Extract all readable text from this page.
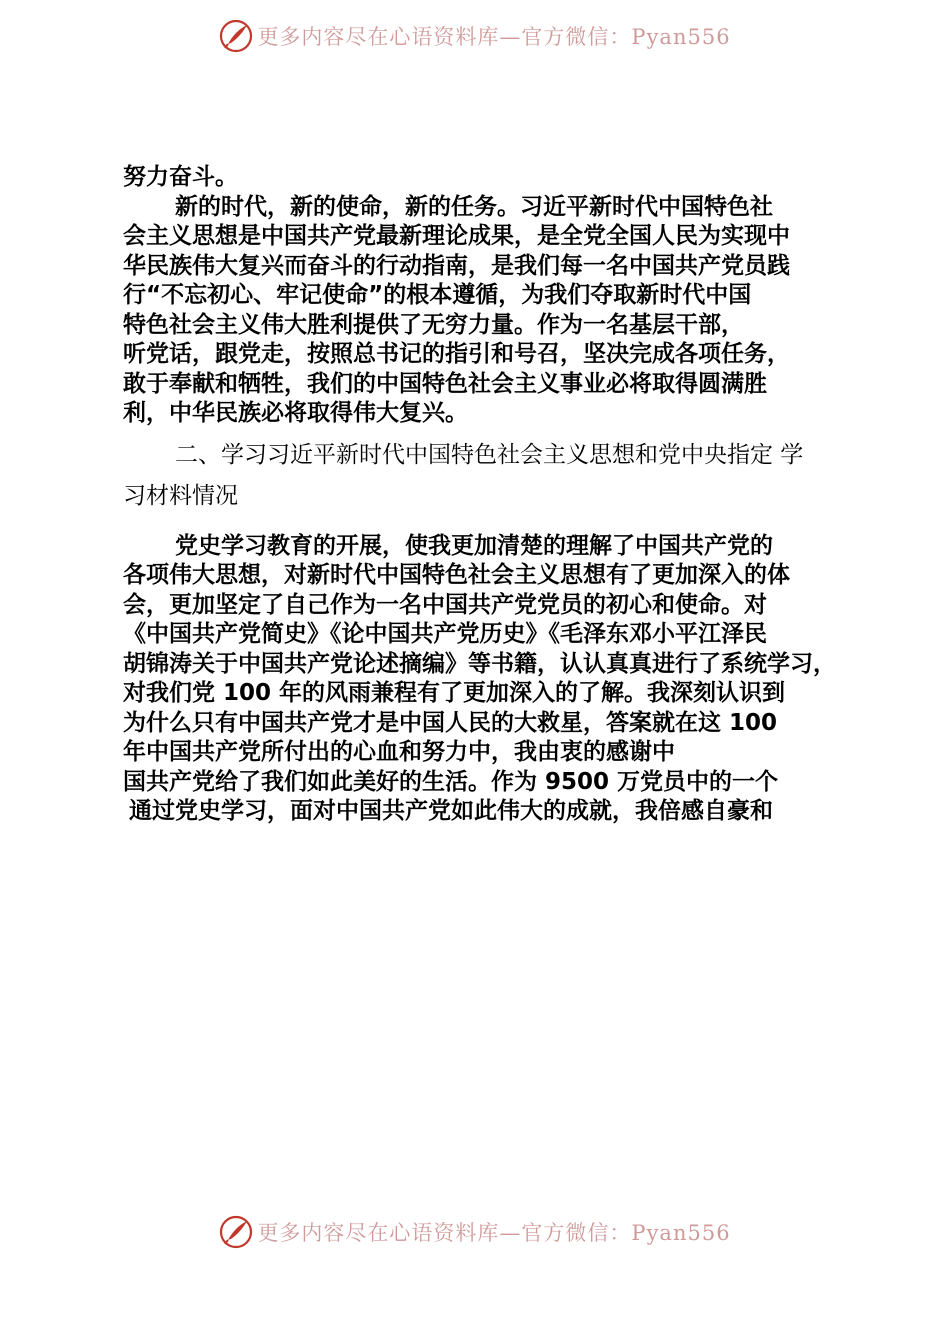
更多内容尽在心语资料库—官方微信：Pyan556

努力奋斗。

新的时代，新的使命，新的任务。习近平新时代中国特色社
会主义思想是中国共产党最新理论成果，是全党全国人民为实现中
华民族伟大复兴而奋斗的行动指南，是我们每一名中国共产党员践
行“不忘初心、牢记使命”的根本遵循，为我们夺取新时代中国
特色社会主义伟大胜利提供了无穷力量。作为一名基层干部，
听党话，跟党走，按照总书记的指引和号召，坚决完成各项任务，
敢于奉献和牺牲，我们的中国特色社会主义事业必将取得圆满胜
利，中华民族必将取得伟大复兴。

二、学习习近平新时代中国特色社会主义思想和党中央指定 学
习材料情况

党史学习教育的开展，使我更加清楚的理解了中国共产党的
各项伟大思想，对新时代中国特色社会主义思想有了更加深入的体
会，更加坚定了自己作为一名中国共产党党员的初心和使命。对
《中国共产党简史》《论中国共产党历史》《毛泽东邓小平江泽民
胡锦涛关于中国共产党论述摘编》等书籍，认认真真进行了系统学习，
对我们党 100 年的风雨兼程有了更加深入的了解。我深刻认识到
为什么只有中国共产党才是中国人民的大救星，答案就在这 100
年中国共产党所付出的心血和努力中，我由衷的感谢中
国共产党给了我们如此美好的生活。作为 9500 万党员中的一个
通过党史学习，面对中国共产党如此伟大的成就，我倍感自豪和

更多内容尽在心语资料库—官方微信：Pyan556
